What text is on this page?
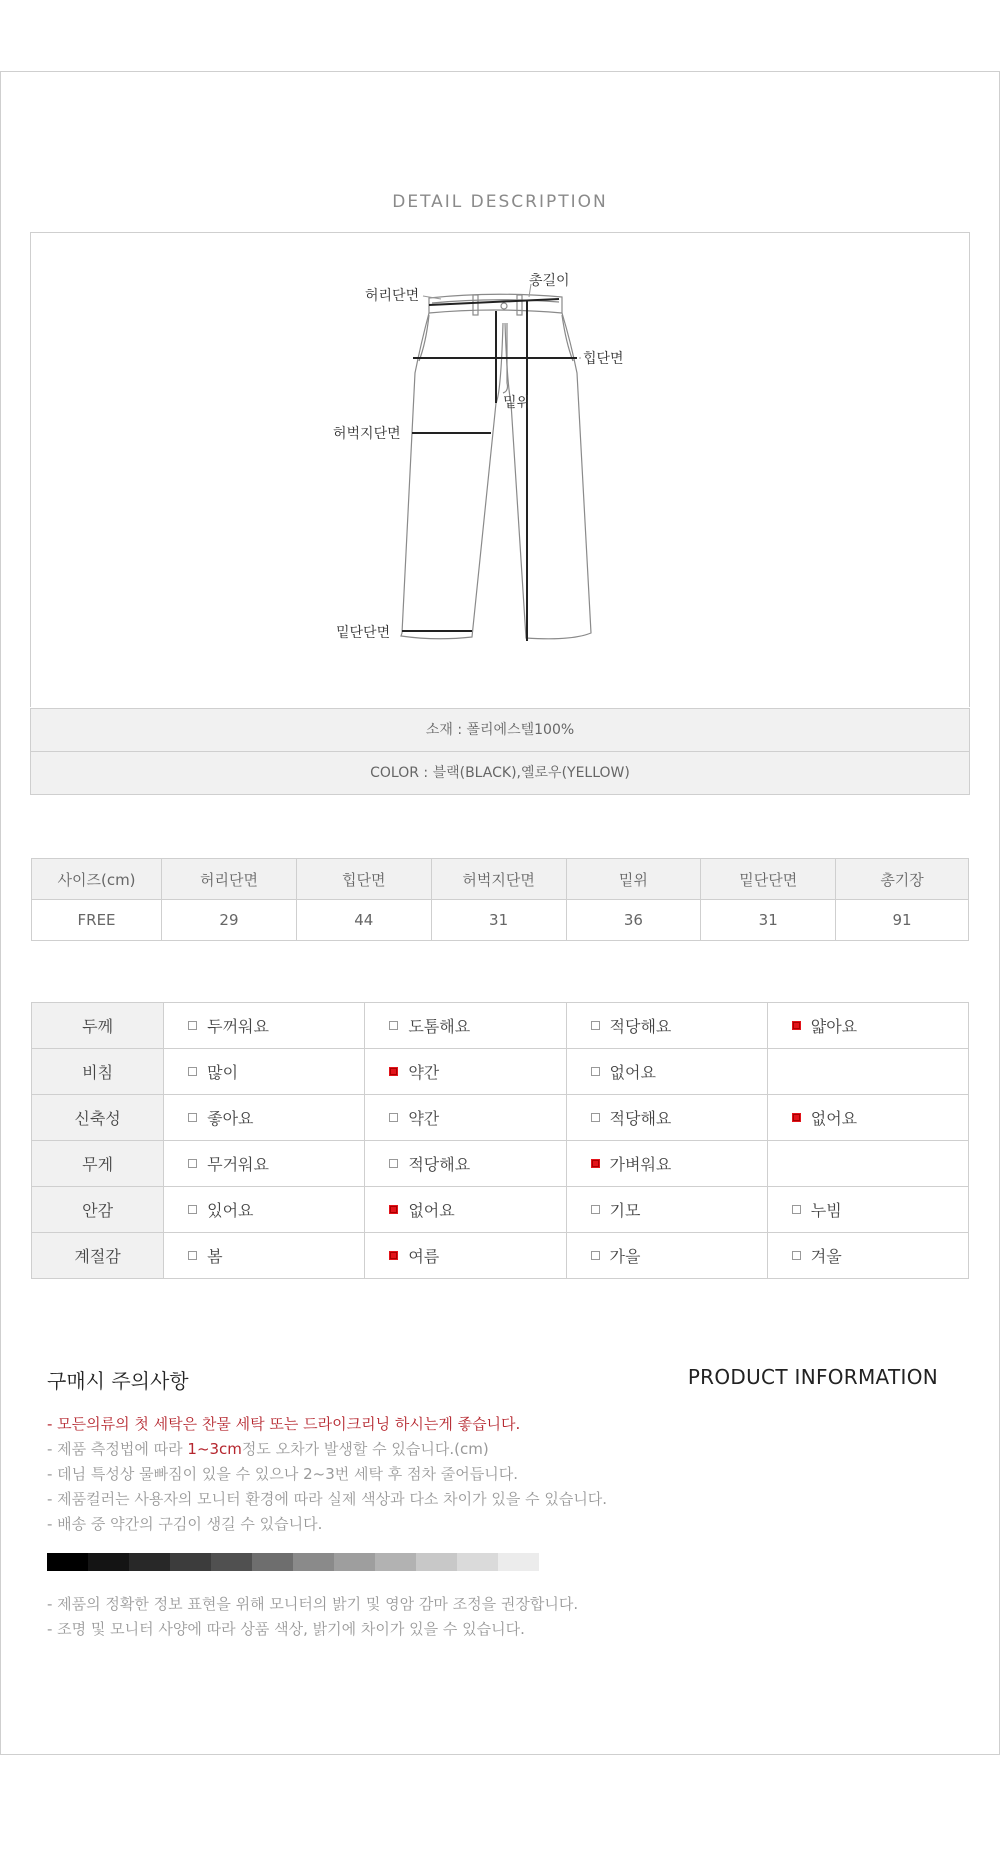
DETAIL DESCRIPTION
허리단면
총길이
힙단면
밑위
허벅지단면
밑단단면
소재 : 폴리에스텔100%
COLOR : 블랙(BLACK),옐로우(YELLOW)
사이즈(cm)	허리단면	힙단면	허벅지단면	밑위	밑단단면	총기장
FREE	29	44	31	36	31	91
두께	두꺼워요	도톰해요	적당해요	얇아요

비침	많이	약간	없어요	

신축성	좋아요	약간	적당해요	없어요

무게	무거워요	적당해요	가벼워요	

안감	있어요	없어요	기모	누빔

계절감	봄	여름	가을	겨울
구매시 주의사항	PRODUCT INFORMATION
- 모든의류의 첫 세탁은 찬물 세탁 또는 드라이크리닝 하시는게 좋습니다.
- 제품 측정법에 따라 1~3cm정도 오차가 발생할 수 있습니다.(cm)
- 데님 특성상 물빠짐이 있을 수 있으나 2~3번 세탁 후 점차 줄어듭니다.
- 제품컬러는 사용자의 모니터 환경에 따라 실제 색상과 다소 차이가 있을 수 있습니다.
- 배송 중 약간의 구김이 생길 수 있습니다.
- 제품의 정확한 정보 표현을 위해 모니터의 밝기 및 영암 감마 조정을 권장합니다.
- 조명 및 모니터 사양에 따라 상품 색상, 밝기에 차이가 있을 수 있습니다.
